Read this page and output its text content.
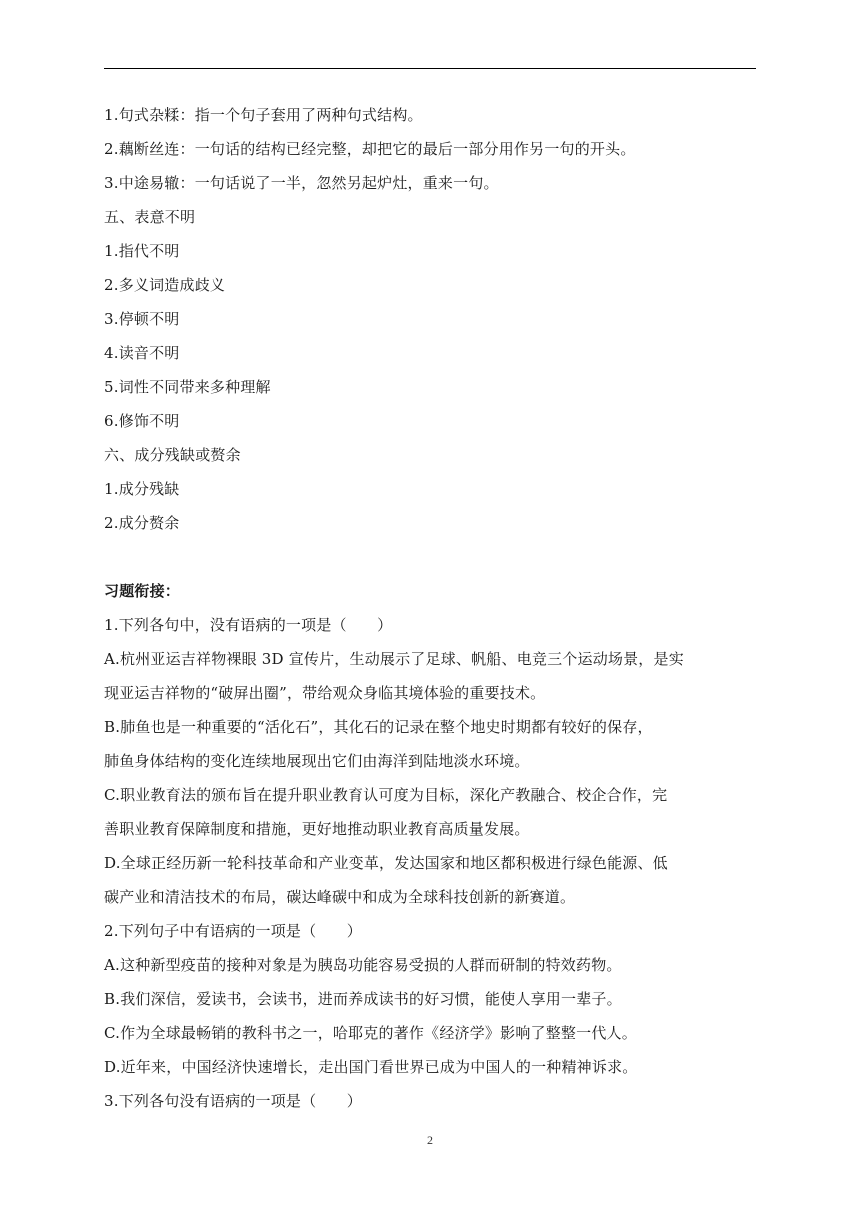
1.句式杂糅：指一个句子套用了两种句式结构。
2.藕断丝连：一句话的结构已经完整，却把它的最后一部分用作另一句的开头。
3.中途易辙：一句话说了一半，忽然另起炉灶，重来一句。
五、表意不明
1.指代不明
2.多义词造成歧义
3.停顿不明
4.读音不明
5.词性不同带来多种理解
6.修饰不明
六、成分残缺或赘余
1.成分残缺
2.成分赘余
习题衔接：
1.下列各句中，没有语病的一项是（　　）
A.杭州亚运吉祥物裸眼 3D 宣传片，生动展示了足球、帆船、电竞三个运动场景，是实
现亚运吉祥物的“破屏出圈”，带给观众身临其境体验的重要技术。
B.肺鱼也是一种重要的“活化石”，其化石的记录在整个地史时期都有较好的保存，
肺鱼身体结构的变化连续地展现出它们由海洋到陆地淡水环境。
C.职业教育法的颁布旨在提升职业教育认可度为目标，深化产教融合、校企合作，完
善职业教育保障制度和措施，更好地推动职业教育高质量发展。
D.全球正经历新一轮科技革命和产业变革，发达国家和地区都积极进行绿色能源、低
碳产业和清洁技术的布局，碳达峰碳中和成为全球科技创新的新赛道。
2.下列句子中有语病的一项是（　　）
A.这种新型疫苗的接种对象是为胰岛功能容易受损的人群而研制的特效药物。
B.我们深信，爱读书，会读书，进而养成读书的好习惯，能使人享用一辈子。
C.作为全球最畅销的教科书之一，哈耶克的著作《经济学》影响了整整一代人。
D.近年来，中国经济快速增长，走出国门看世界已成为中国人的一种精神诉求。
3.下列各句没有语病的一项是（　　）
2
